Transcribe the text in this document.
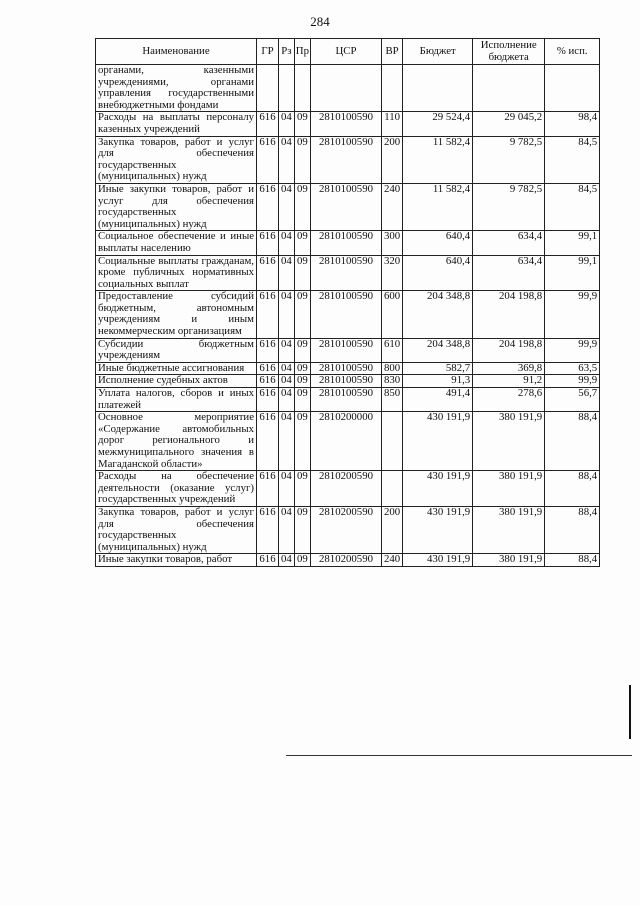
284
Наименование	ГР	Рз	Пр	ЦСР	ВР	Бюджет	Исполнение бюджета	% исп.
органами, казенными учреждениями, органами управления государственными внебюджетными фондами								
Расходы на выплаты персоналу казенных учреждений	616	04	09	2810100590	110	29 524,4	29 045,2	98,4
Закупка товаров, работ и услуг для обеспечения государственных (муниципальных) нужд	616	04	09	2810100590	200	11 582,4	9 782,5	84,5
Иные закупки товаров, работ и услуг для обеспечения государственных (муниципальных) нужд	616	04	09	2810100590	240	11 582,4	9 782,5	84,5
Социальное обеспечение и иные выплаты населению	616	04	09	2810100590	300	640,4	634,4	99,1
Социальные выплаты гражданам, кроме публичных нормативных социальных выплат	616	04	09	2810100590	320	640,4	634,4	99,1
Предоставление субсидий бюджетным, автономным учреждениям и иным некоммерческим организациям	616	04	09	2810100590	600	204 348,8	204 198,8	99,9
Субсидии бюджетным учреждениям	616	04	09	2810100590	610	204 348,8	204 198,8	99,9
Иные бюджетные ассигнования	616	04	09	2810100590	800	582,7	369,8	63,5
Исполнение судебных актов	616	04	09	2810100590	830	91,3	91,2	99,9
Уплата налогов, сборов и иных платежей	616	04	09	2810100590	850	491,4	278,6	56,7
Основное мероприятие «Содержание автомобильных дорог регионального и межмуниципального значения в Магаданской области»	616	04	09	2810200000		430 191,9	380 191,9	88,4
Расходы на обеспечение деятельности (оказание услуг) государственных учреждений	616	04	09	2810200590		430 191,9	380 191,9	88,4
Закупка товаров, работ и услуг для обеспечения государственных (муниципальных) нужд	616	04	09	2810200590	200	430 191,9	380 191,9	88,4
Иные закупки товаров, работ	616	04	09	2810200590	240	430 191,9	380 191,9	88,4
